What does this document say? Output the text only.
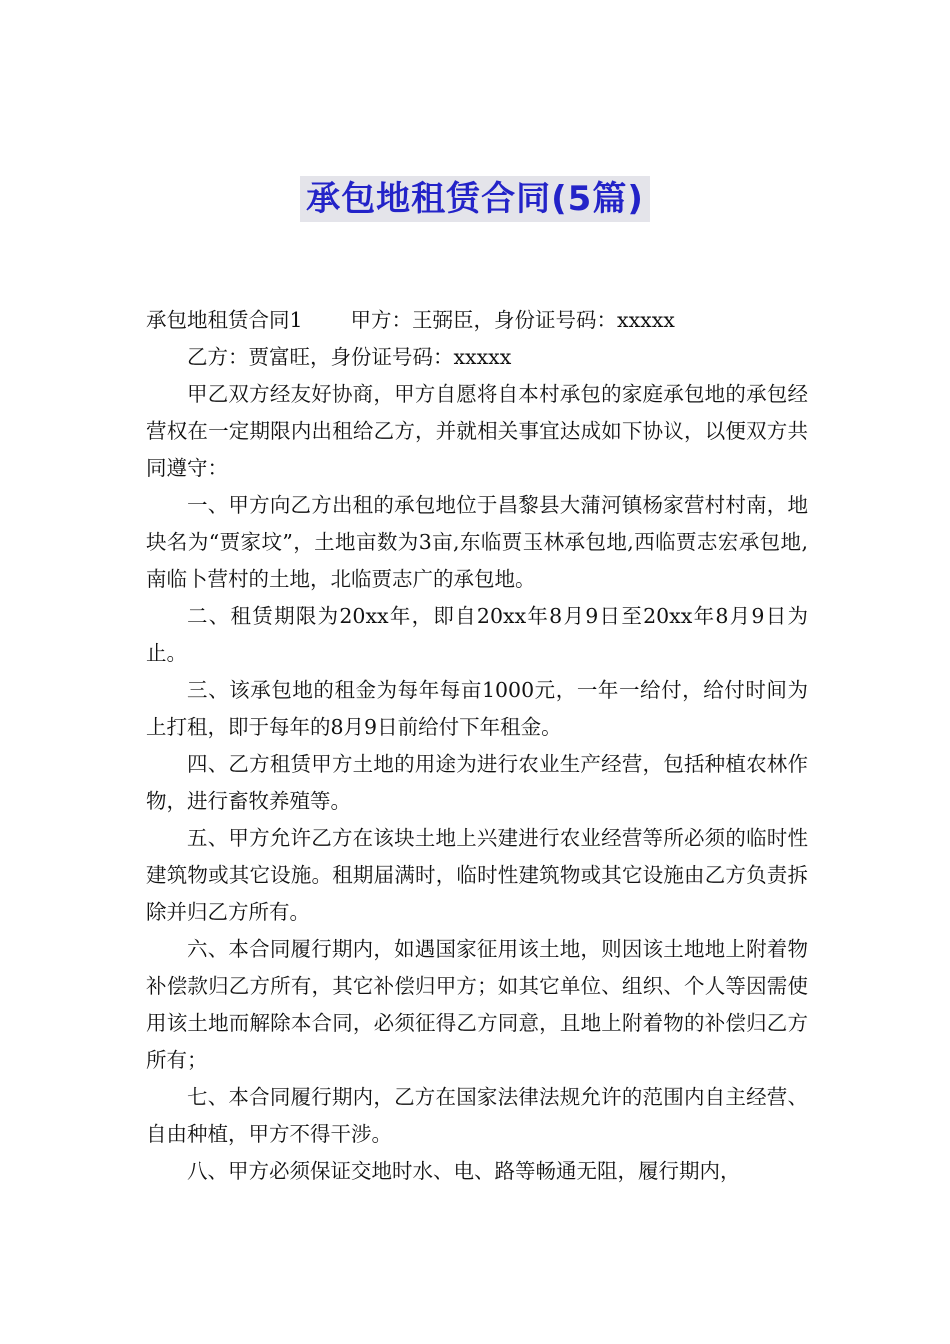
承包地租赁合同(5篇)

承包地租赁合同1 甲方：王弼臣，身份证号码：xxxxx

乙方：贾富旺，身份证号码：xxxxx

甲乙双方经友好协商，甲方自愿将自本村承包的家庭承包地的承包经营权在一定期限内出租给乙方，并就相关事宜达成如下协议，以便双方共同遵守：

一、甲方向乙方出租的承包地位于昌黎县大蒲河镇杨家营村村南，地块名为“贾家坟”，土地亩数为3亩,东临贾玉林承包地,西临贾志宏承包地,南临卜营村的土地，北临贾志广的承包地。

二、租赁期限为20xx年，即自20xx年8月9日至20xx年8月9日为止。

三、该承包地的租金为每年每亩1000元，一年一给付，给付时间为上打租，即于每年的8月9日前给付下年租金。

四、乙方租赁甲方土地的用途为进行农业生产经营，包括种植农林作物，进行畜牧养殖等。

五、甲方允许乙方在该块土地上兴建进行农业经营等所必须的临时性建筑物或其它设施。租期届满时，临时性建筑物或其它设施由乙方负责拆除并归乙方所有。

六、本合同履行期内，如遇国家征用该土地，则因该土地地上附着物补偿款归乙方所有，其它补偿归甲方；如其它单位、组织、个人等因需使用该土地而解除本合同，必须征得乙方同意，且地上附着物的补偿归乙方所有；

七、本合同履行期内，乙方在国家法律法规允许的范围内自主经营、自由种植，甲方不得干涉。

八、甲方必须保证交地时水、电、路等畅通无阻，履行期内，
